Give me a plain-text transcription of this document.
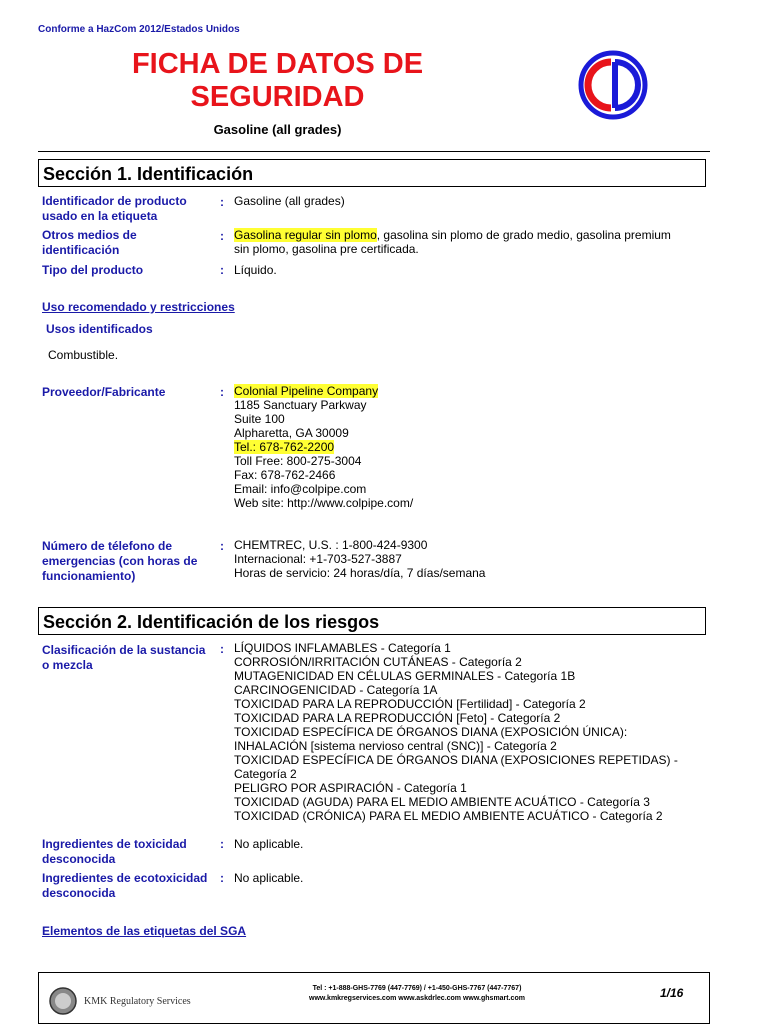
Conforme a HazCom 2012/Estados Unidos
FICHA DE DATOS DE
SEGURIDAD
Gasoline (all grades)
Sección 1. Identificación
Identificador de producto usado en la etiqueta
: Gasoline (all grades)
Otros medios de identificación
: Gasolina regular sin plomo, gasolina sin plomo de grado medio, gasolina premium
sin plomo, gasolina pre certificada.
Tipo del producto	: Líquido.
Uso recomendado y restricciones
Usos identificados
Combustible.
Proveedor/Fabricante	: Colonial Pipeline Company
1185 Sanctuary Parkway
Suite 100
Alpharetta, GA 30009
Tel.: 678-762-2200
Toll Free: 800-275-3004
Fax: 678-762-2466
Email: info@colpipe.com
Web site: http://www.colpipe.com/
Número de télefono de emergencias (con horas de funcionamiento)
: CHEMTREC, U.S. : 1-800-424-9300
Internacional: +1-703-527-3887
Horas de servicio: 24 horas/día, 7 días/semana
Sección 2. Identificación de los riesgos
Clasificación de la sustancia o mezcla
: LÍQUIDOS INFLAMABLES - Categoría 1
CORROSIÓN/IRRITACIÓN CUTÁNEAS - Categoría 2
MUTAGENICIDAD EN CÉLULAS GERMINALES - Categoría 1B
CARCINOGENICIDAD - Categoría 1A
TOXICIDAD PARA LA REPRODUCCIÓN [Fertilidad] - Categoría 2
TOXICIDAD PARA LA REPRODUCCIÓN [Feto] - Categoría 2
TOXICIDAD ESPECÍFICA DE ÓRGANOS DIANA (EXPOSICIÓN ÚNICA):
INHALACIÓN [sistema nervioso central (SNC)] - Categoría 2
TOXICIDAD ESPECÍFICA DE ÓRGANOS DIANA (EXPOSICIONES REPETIDAS) -
Categoría 2
PELIGRO POR ASPIRACIÓN - Categoría 1
TOXICIDAD (AGUDA) PARA EL MEDIO AMBIENTE ACUÁTICO - Categoría 3
TOXICIDAD (CRÓNICA) PARA EL MEDIO AMBIENTE ACUÁTICO - Categoría 2
Ingredientes de toxicidad desconocida
: No aplicable.
Ingredientes de ecotoxicidad desconocida
: No aplicable.
Elementos de las etiquetas del SGA
KMK Regulatory Services
Tel : +1-888-GHS-7769 (447-7769) / +1-450-GHS-7767 (447-7767)
www.kmkregservices.com www.askdrlec.com www.ghsmart.com	1/16
